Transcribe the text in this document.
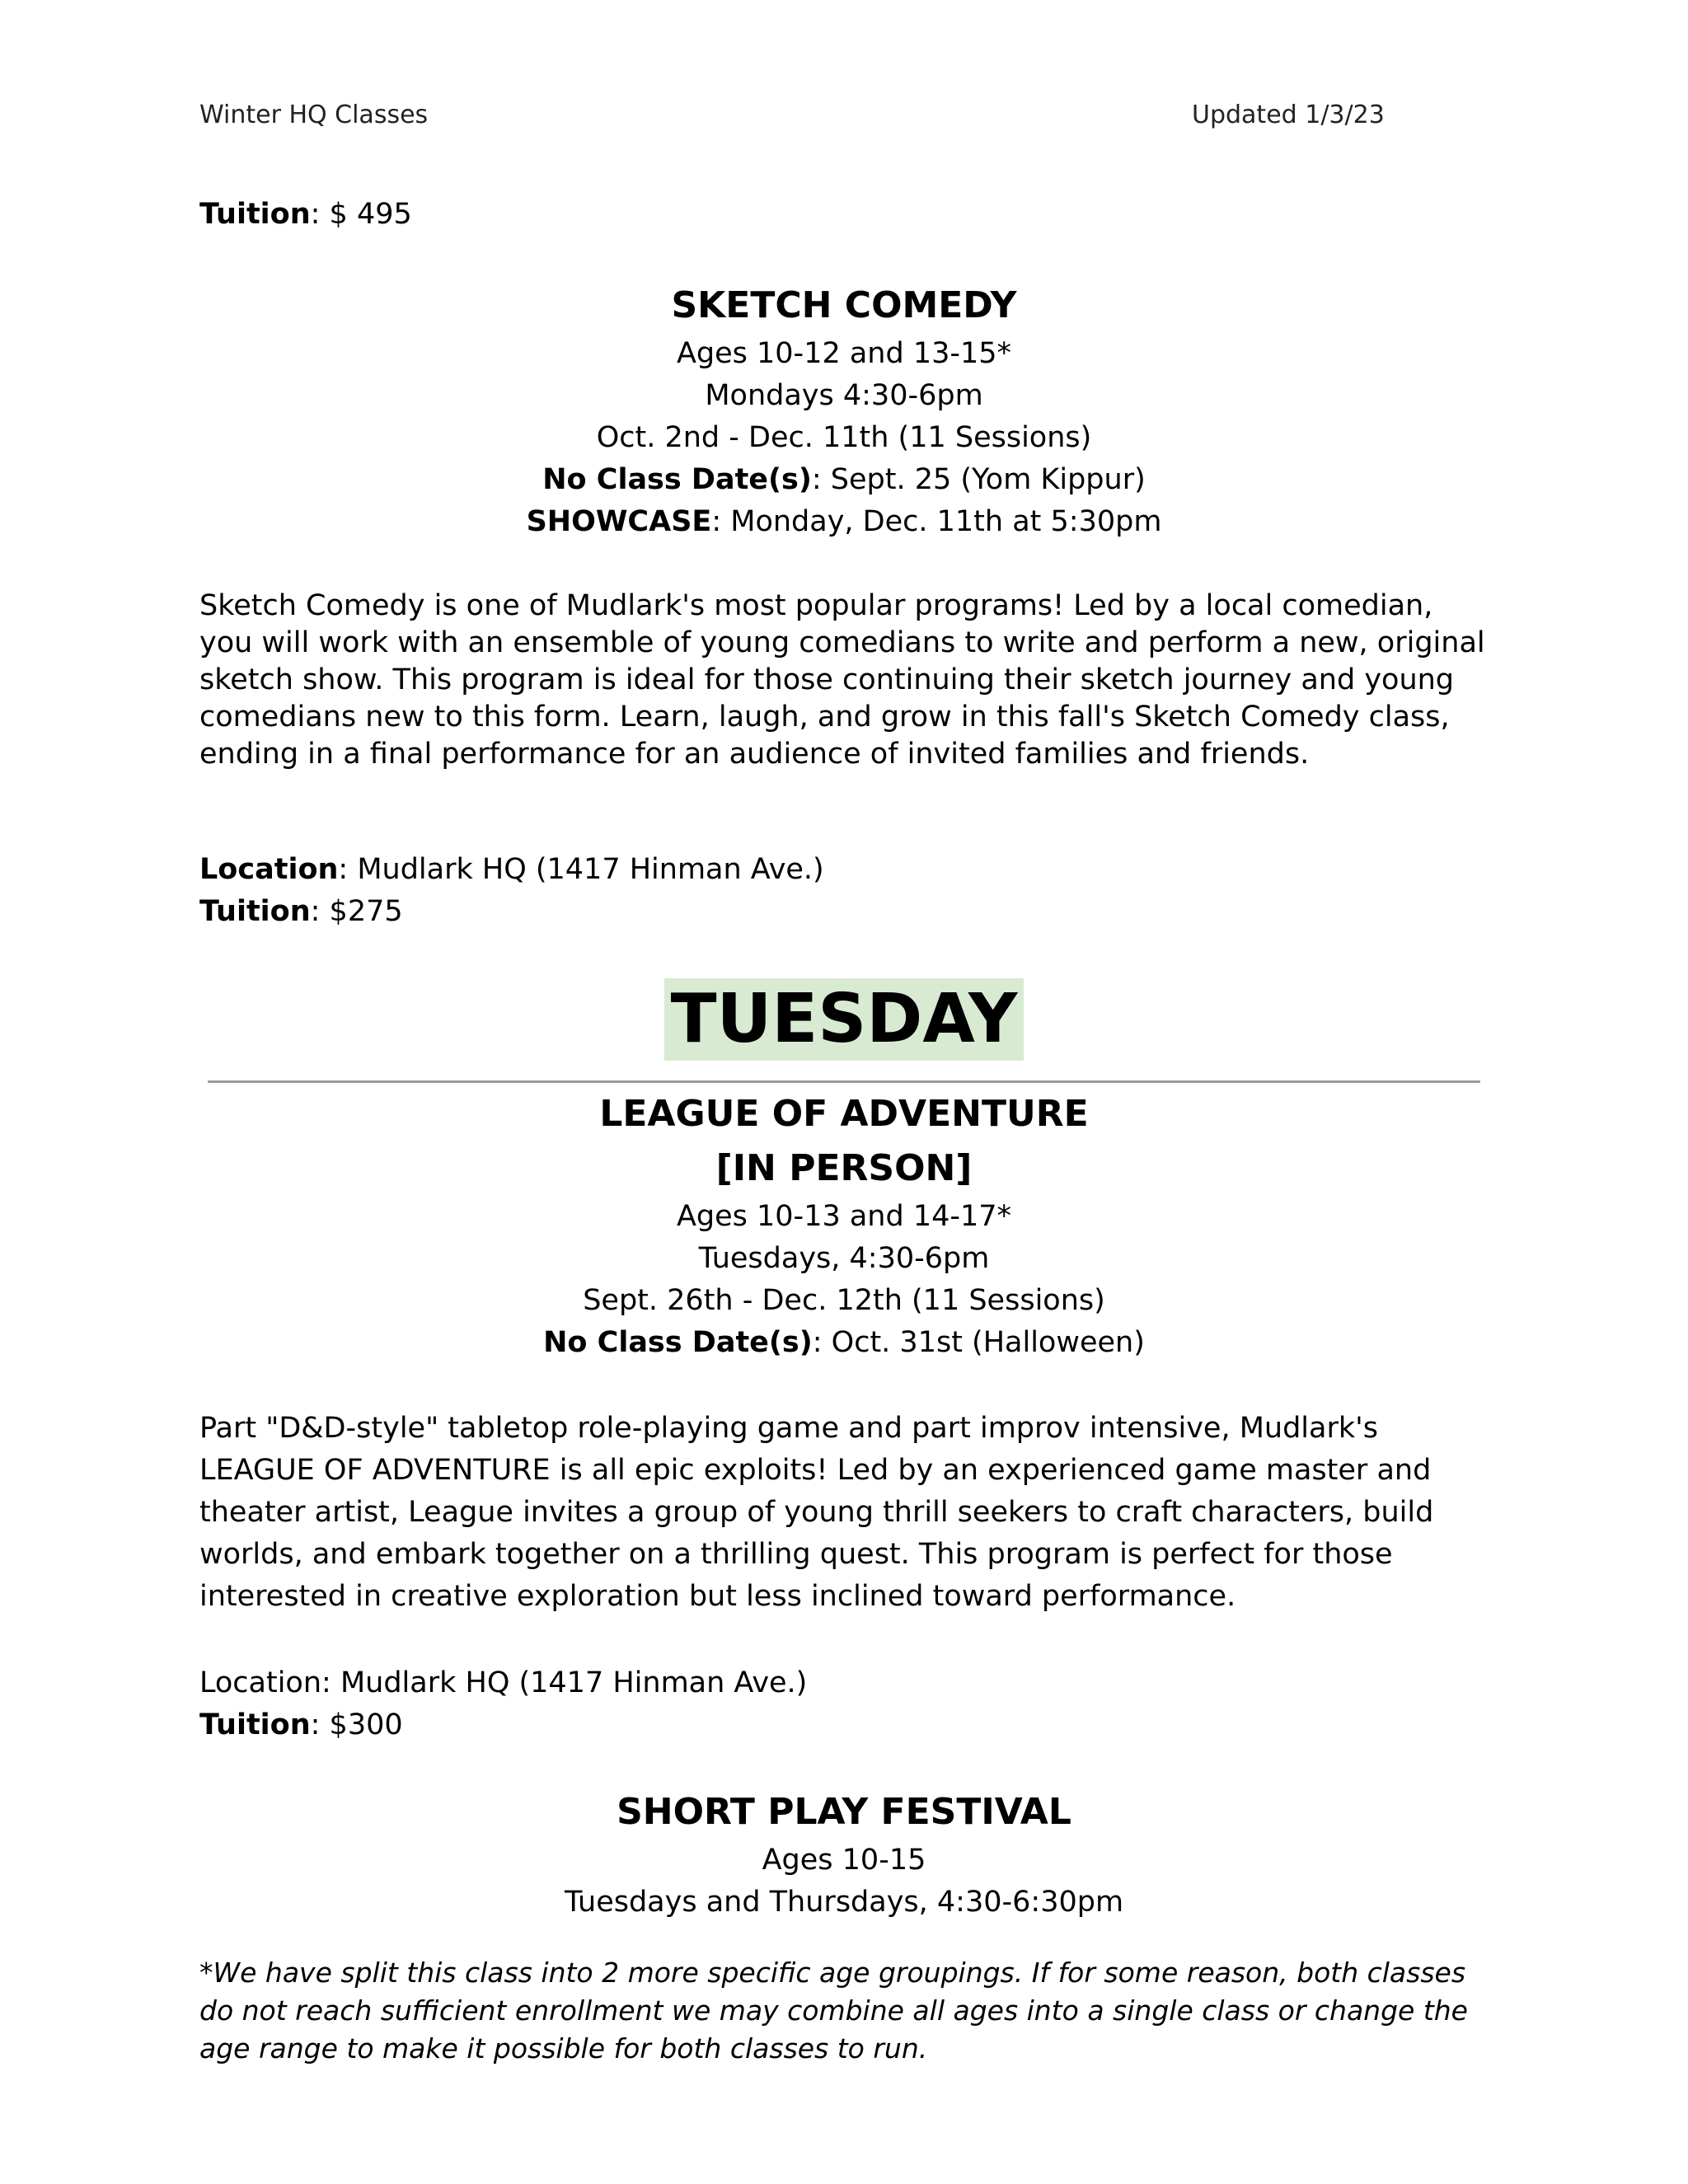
Winter HQ Classes	Updated 1/3/23
Tuition: $ 495
SKETCH COMEDY
Ages 10-12 and 13-15*
Mondays 4:30-6pm
Oct. 2nd - Dec. 11th (11 Sessions)
No Class Date(s): Sept. 25 (Yom Kippur)
SHOWCASE: Monday, Dec. 11th at 5:30pm
Sketch Comedy is one of Mudlark's most popular programs! Led by a local comedian, you will work with an ensemble of young comedians to write and perform a new, original sketch show. This program is ideal for those continuing their sketch journey and young comedians new to this form. Learn, laugh, and grow in this fall's Sketch Comedy class, ending in a final performance for an audience of invited families and friends.
Location: Mudlark HQ (1417 Hinman Ave.)
Tuition: $275
TUESDAY
LEAGUE OF ADVENTURE
[IN PERSON]
Ages 10-13 and 14-17*
Tuesdays, 4:30-6pm
Sept. 26th - Dec. 12th (11 Sessions)
No Class Date(s): Oct. 31st (Halloween)
Part "D&D-style" tabletop role-playing game and part improv intensive, Mudlark's LEAGUE OF ADVENTURE is all epic exploits! Led by an experienced game master and theater artist, League invites a group of young thrill seekers to craft characters, build worlds, and embark together on a thrilling quest. This program is perfect for those interested in creative exploration but less inclined toward performance.
Location: Mudlark HQ (1417 Hinman Ave.)
Tuition: $300
SHORT PLAY FESTIVAL
Ages 10-15
Tuesdays and Thursdays, 4:30-6:30pm
*We have split this class into 2 more specific age groupings. If for some reason, both classes do not reach sufficient enrollment we may combine all ages into a single class or change the age range to make it possible for both classes to run.
